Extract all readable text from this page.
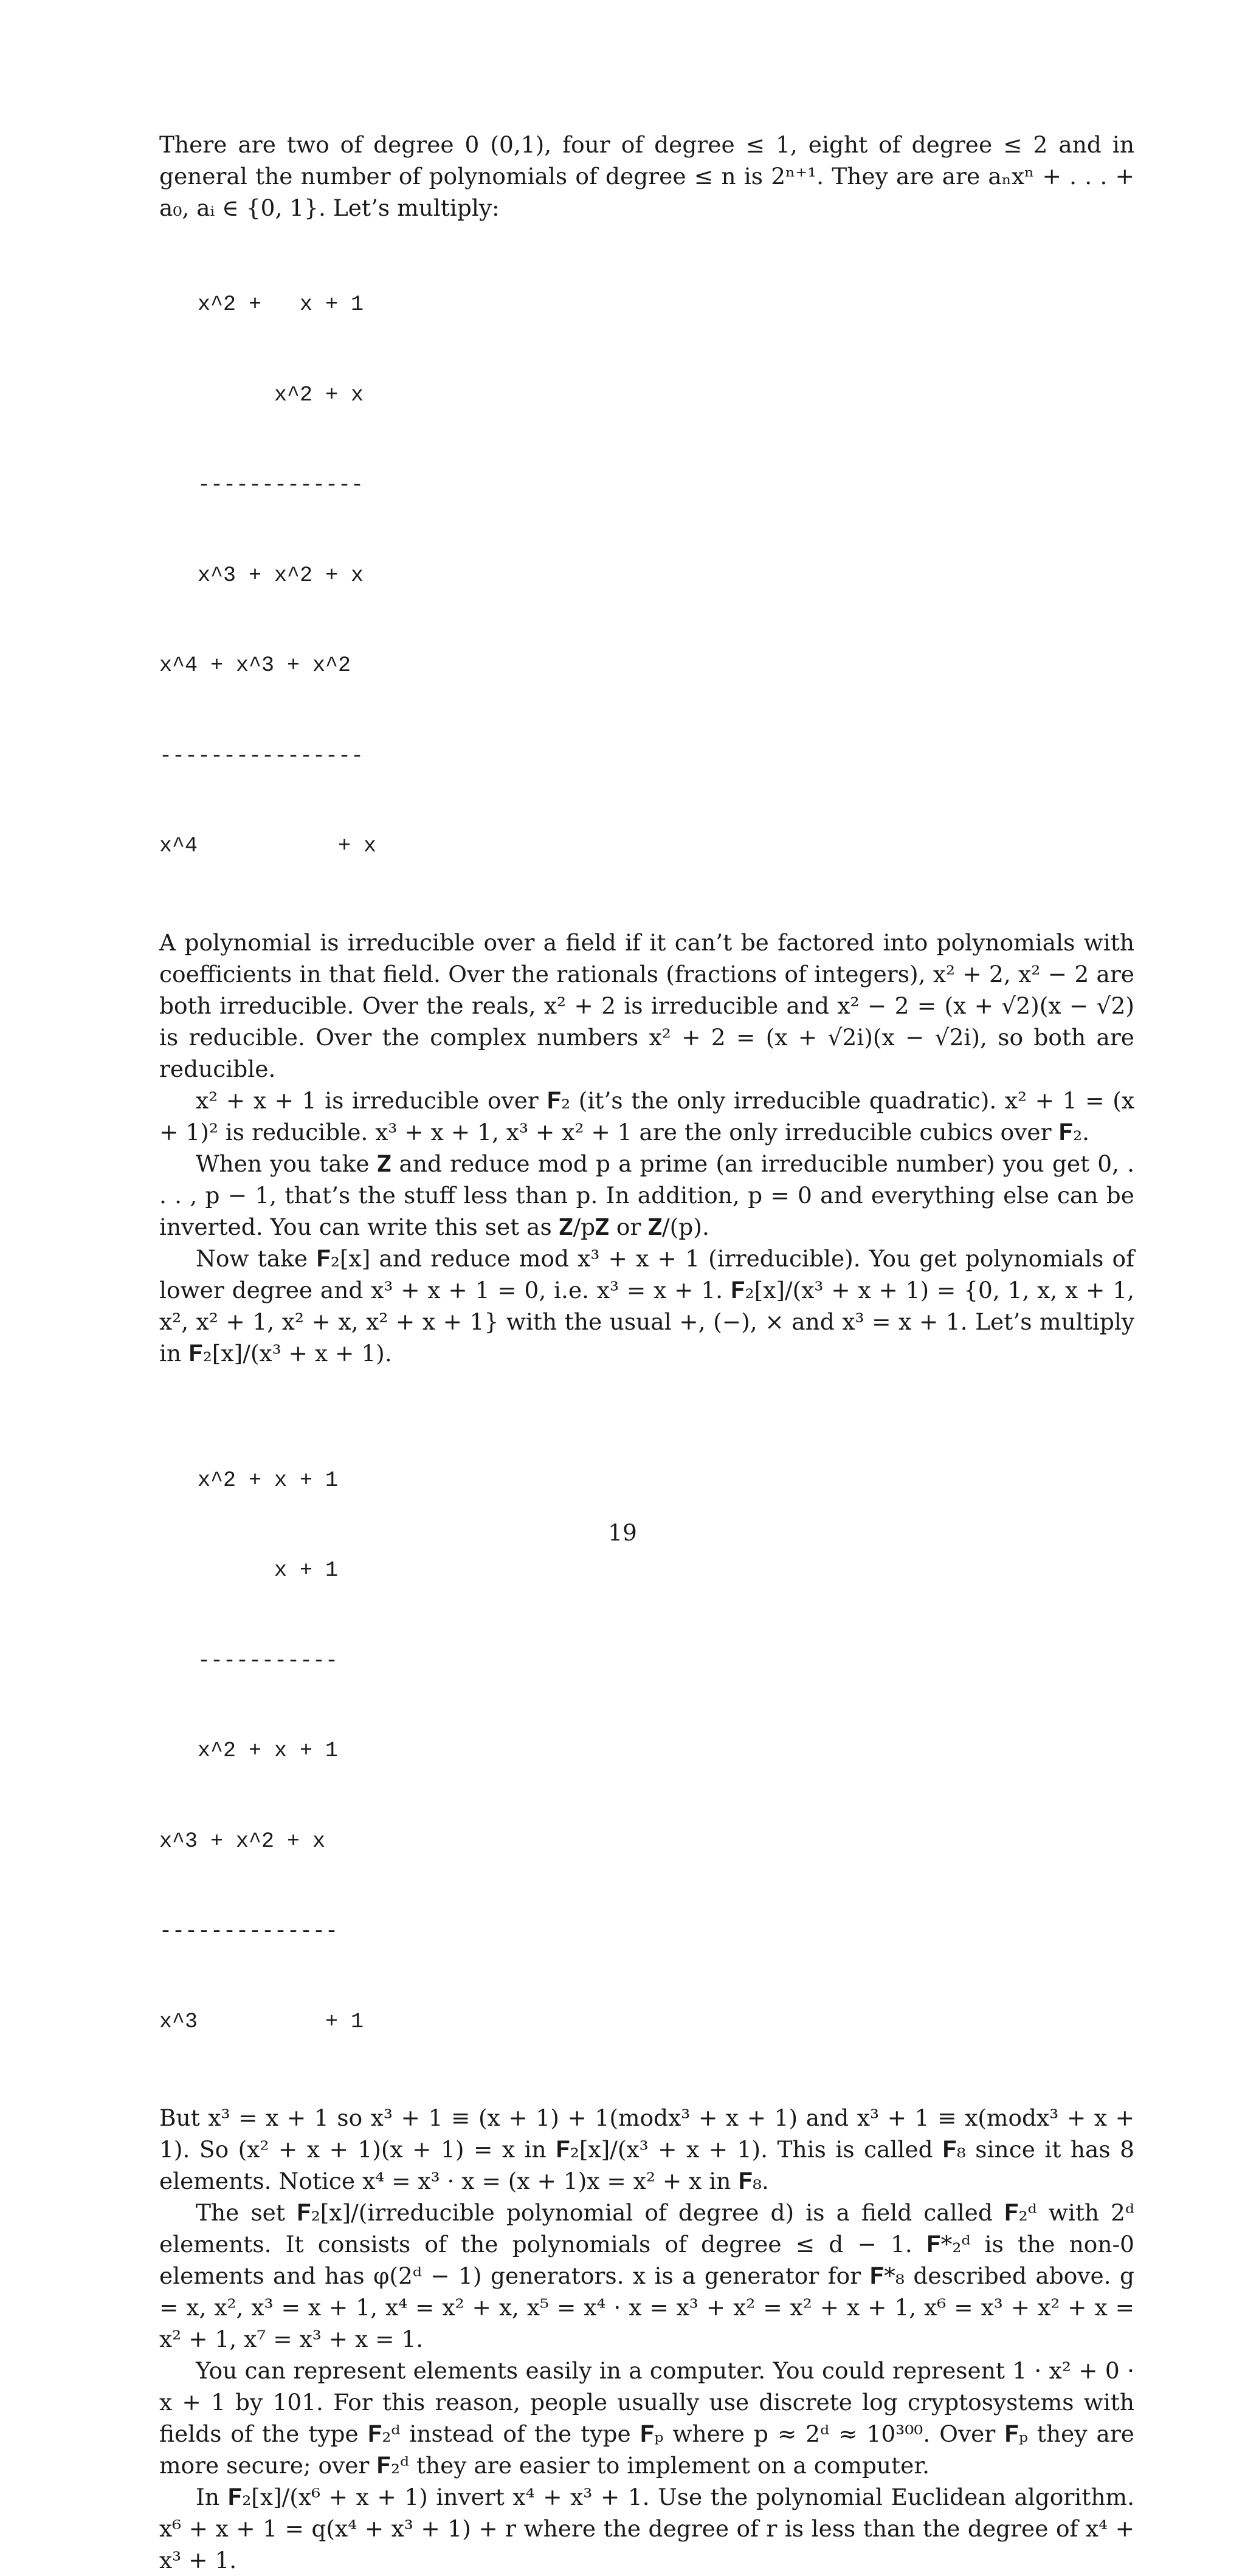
There are two of degree 0 (0,1), four of degree ≤ 1, eight of degree ≤ 2 and in general the number of polynomials of degree ≤ n is 2ⁿ⁺¹. They are are aₙxⁿ + . . . + a₀, aᵢ ∈ {0, 1}. Let’s multiply:

x^2 +   x + 1

x^2 + x

-------------

x^3 + x^2 + x

x^4 + x^3 + x^2

----------------

x^4           + x

A polynomial is irreducible over a field if it can’t be factored into polynomials with coefficients in that field. Over the rationals (fractions of integers), x² + 2, x² − 2 are both irreducible. Over the reals, x² + 2 is irreducible and x² − 2 = (x + √2)(x − √2) is reducible. Over the complex numbers x² + 2 = (x + √2i)(x − √2i), so both are reducible.

x² + x + 1 is irreducible over 𝐅₂ (it’s the only irreducible quadratic). x² + 1 = (x + 1)² is reducible. x³ + x + 1, x³ + x² + 1 are the only irreducible cubics over 𝐅₂.

When you take 𝐙 and reduce mod p a prime (an irreducible number) you get 0, . . . , p − 1, that’s the stuff less than p. In addition, p = 0 and everything else can be inverted. You can write this set as 𝐙/p𝐙 or 𝐙/(p).

Now take 𝐅₂[x] and reduce mod x³ + x + 1 (irreducible). You get polynomials of lower degree and x³ + x + 1 = 0, i.e. x³ = x + 1. 𝐅₂[x]/(x³ + x + 1) = {0, 1, x, x + 1, x², x² + 1, x² + x, x² + x + 1} with the usual +, (−), × and x³ = x + 1. Let’s multiply in 𝐅₂[x]/(x³ + x + 1).

x^2 + x + 1

x + 1

-----------

x^2 + x + 1

x^3 + x^2 + x

--------------

x^3          + 1

But x³ = x + 1 so x³ + 1 ≡ (x + 1) + 1(modx³ + x + 1) and x³ + 1 ≡ x(modx³ + x + 1). So (x² + x + 1)(x + 1) = x in 𝐅₂[x]/(x³ + x + 1). This is called 𝐅₈ since it has 8 elements. Notice x⁴ = x³ · x = (x + 1)x = x² + x in 𝐅₈.

The set 𝐅₂[x]/(irreducible polynomial of degree d) is a field called 𝐅₂ᵈ with 2ᵈ elements. It consists of the polynomials of degree ≤ d − 1. 𝐅*₂ᵈ is the non-0 elements and has φ(2ᵈ − 1) generators. x is a generator for 𝐅*₈ described above. g = x, x², x³ = x + 1, x⁴ = x² + x, x⁵ = x⁴ · x = x³ + x² = x² + x + 1, x⁶ = x³ + x² + x = x² + 1, x⁷ = x³ + x = 1.

You can represent elements easily in a computer. You could represent 1 · x² + 0 · x + 1 by 101. For this reason, people usually use discrete log cryptosystems with fields of the type 𝐅₂ᵈ instead of the type 𝐅ₚ where p ≈ 2ᵈ ≈ 10³⁰⁰. Over 𝐅ₚ they are more secure; over 𝐅₂ᵈ they are easier to implement on a computer.

In 𝐅₂[x]/(x⁶ + x + 1) invert x⁴ + x³ + 1. Use the polynomial Euclidean algorithm. x⁶ + x + 1 = q(x⁴ + x³ + 1) + r where the degree of r is less than the degree of x⁴ + x³ + 1.

19
